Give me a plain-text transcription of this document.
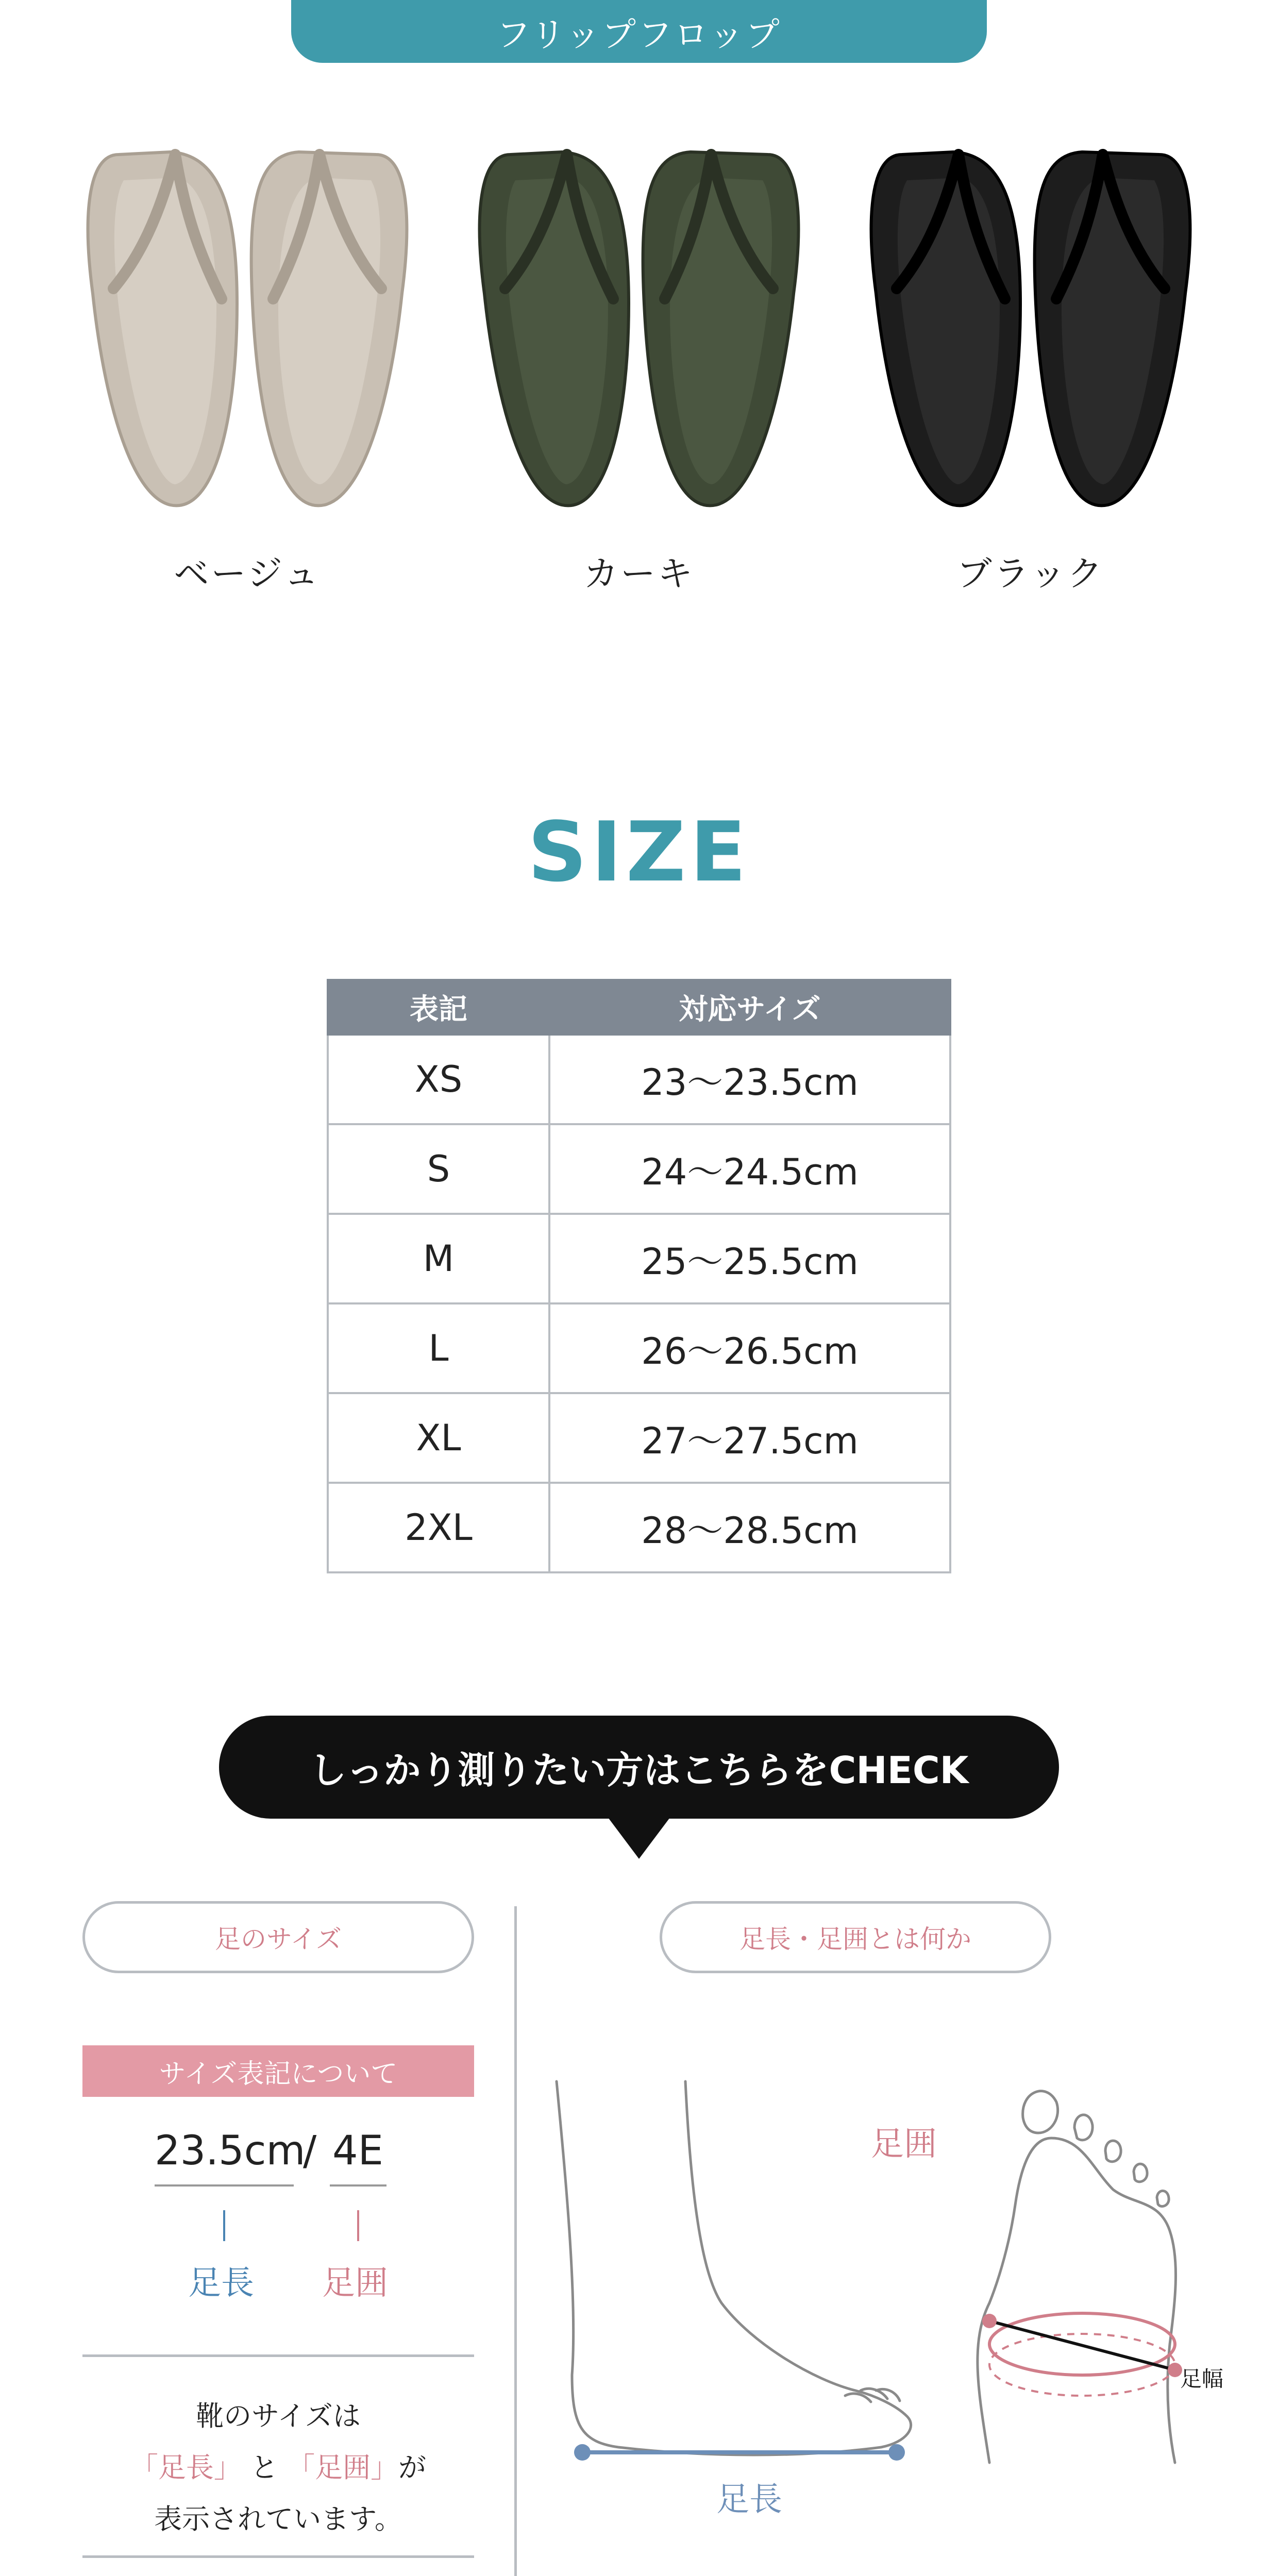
フリップフロップ
ベージュ	カーキ	ブラック
SIZE
表記	対応サイズ
XS	23〜23.5cm
S	24〜24.5cm
M	25〜25.5cm
L	26〜26.5cm
XL	27〜27.5cm
2XL	28〜28.5cm
しっかり測りたい方はこちらをCHECK
足のサイズ	足長・足囲とは何か
サイズ表記について
23.5cm
/ 4E
足長 足囲
靴のサイズは
「足長」 と 「足囲」が
表示されています。
足囲
足幅
足長
